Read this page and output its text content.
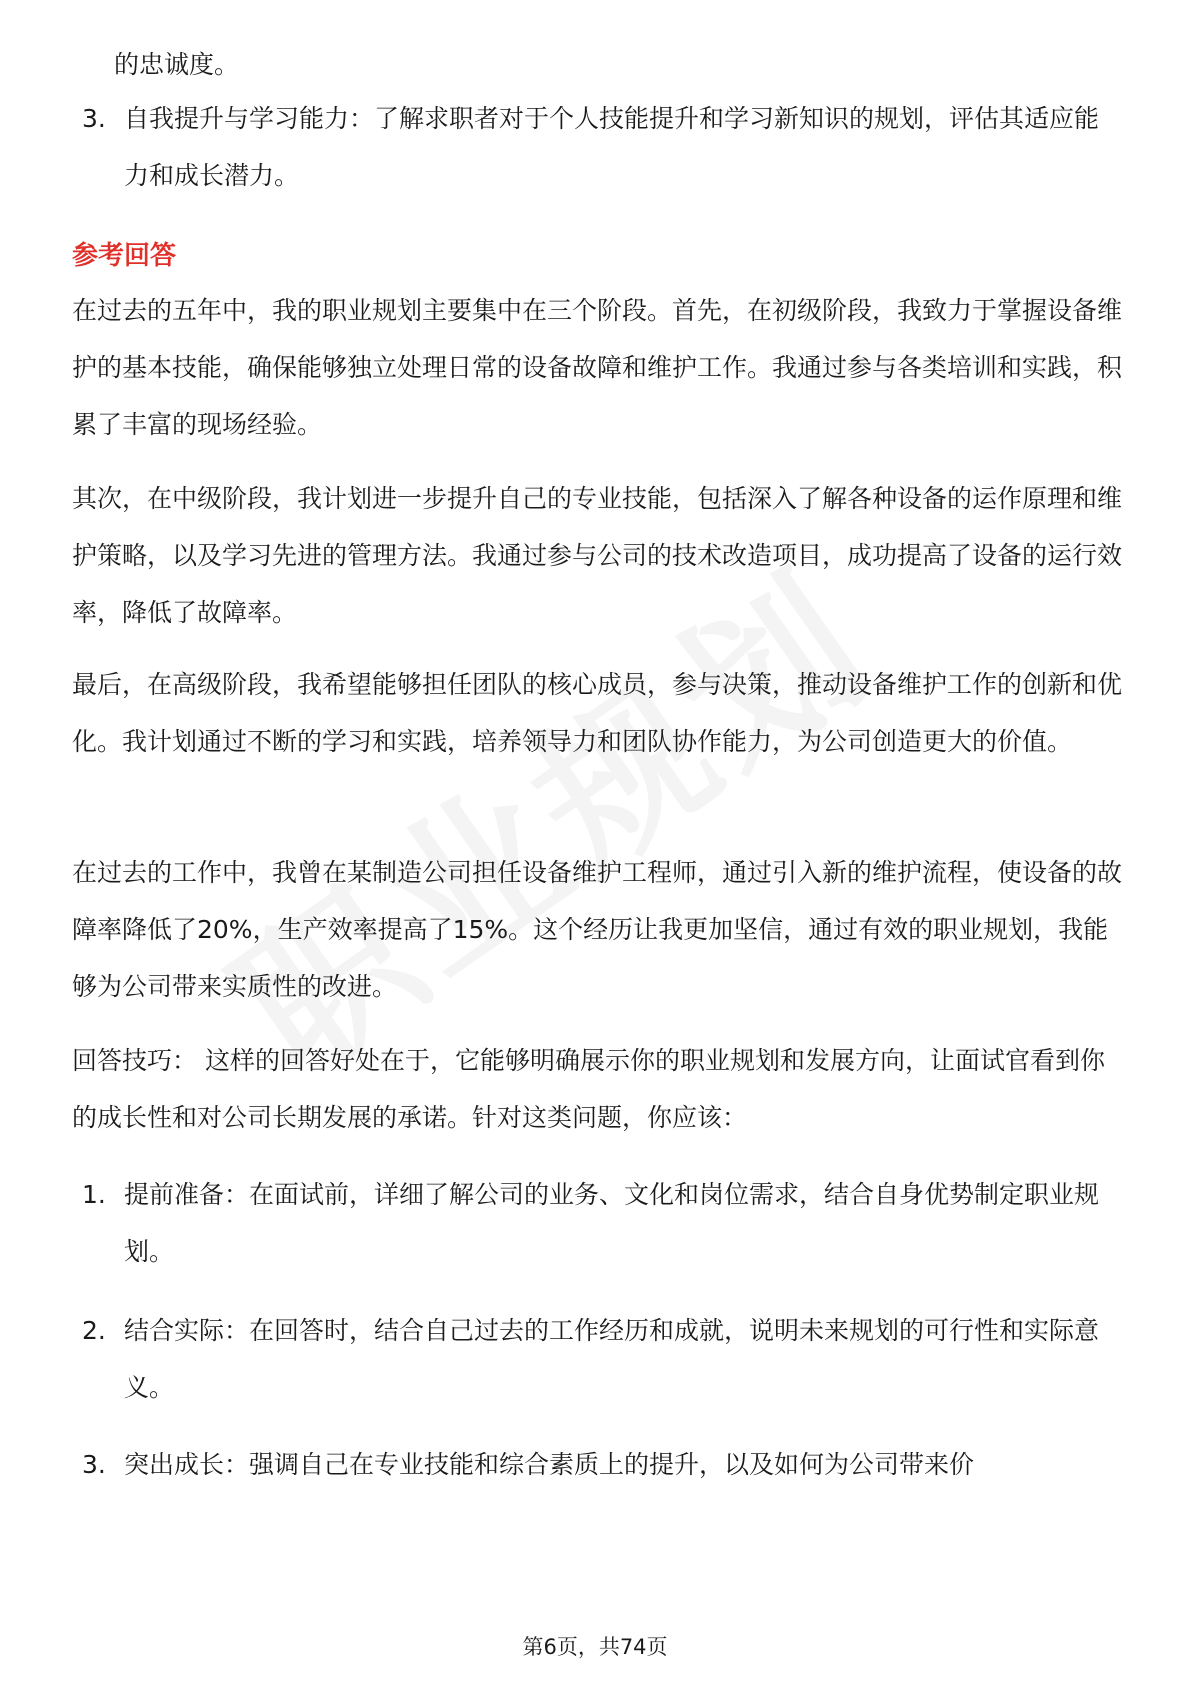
的忠诚度。
3. 自我提升与学习能力：了解求职者对于个人技能提升和学习新知识的规划，评估其适应能力和成长潜力。
参考回答
在过去的五年中，我的职业规划主要集中在三个阶段。首先，在初级阶段，我致力于掌握设备维护的基本技能，确保能够独立处理日常的设备故障和维护工作。我通过参与各类培训和实践，积累了丰富的现场经验。
其次，在中级阶段，我计划进一步提升自己的专业技能，包括深入了解各种设备的运作原理和维护策略，以及学习先进的管理方法。我通过参与公司的技术改造项目，成功提高了设备的运行效率，降低了故障率。
最后，在高级阶段，我希望能够担任团队的核心成员，参与决策，推动设备维护工作的创新和优化。我计划通过不断的学习和实践，培养领导力和团队协作能力，为公司创造更大的价值。
在过去的工作中，我曾在某制造公司担任设备维护工程师，通过引入新的维护流程，使设备的故障率降低了20%，生产效率提高了15%。这个经历让我更加坚信，通过有效的职业规划，我能够为公司带来实质性的改进。
回答技巧： 这样的回答好处在于，它能够明确展示你的职业规划和发展方向，让面试官看到你的成长性和对公司长期发展的承诺。针对这类问题，你应该：
1. 提前准备：在面试前，详细了解公司的业务、文化和岗位需求，结合自身优势制定职业规划。
2. 结合实际：在回答时，结合自己过去的工作经历和成就，说明未来规划的可行性和实际意义。
3. 突出成长：强调自己在专业技能和综合素质上的提升，以及如何为公司带来价
第6页，共74页
